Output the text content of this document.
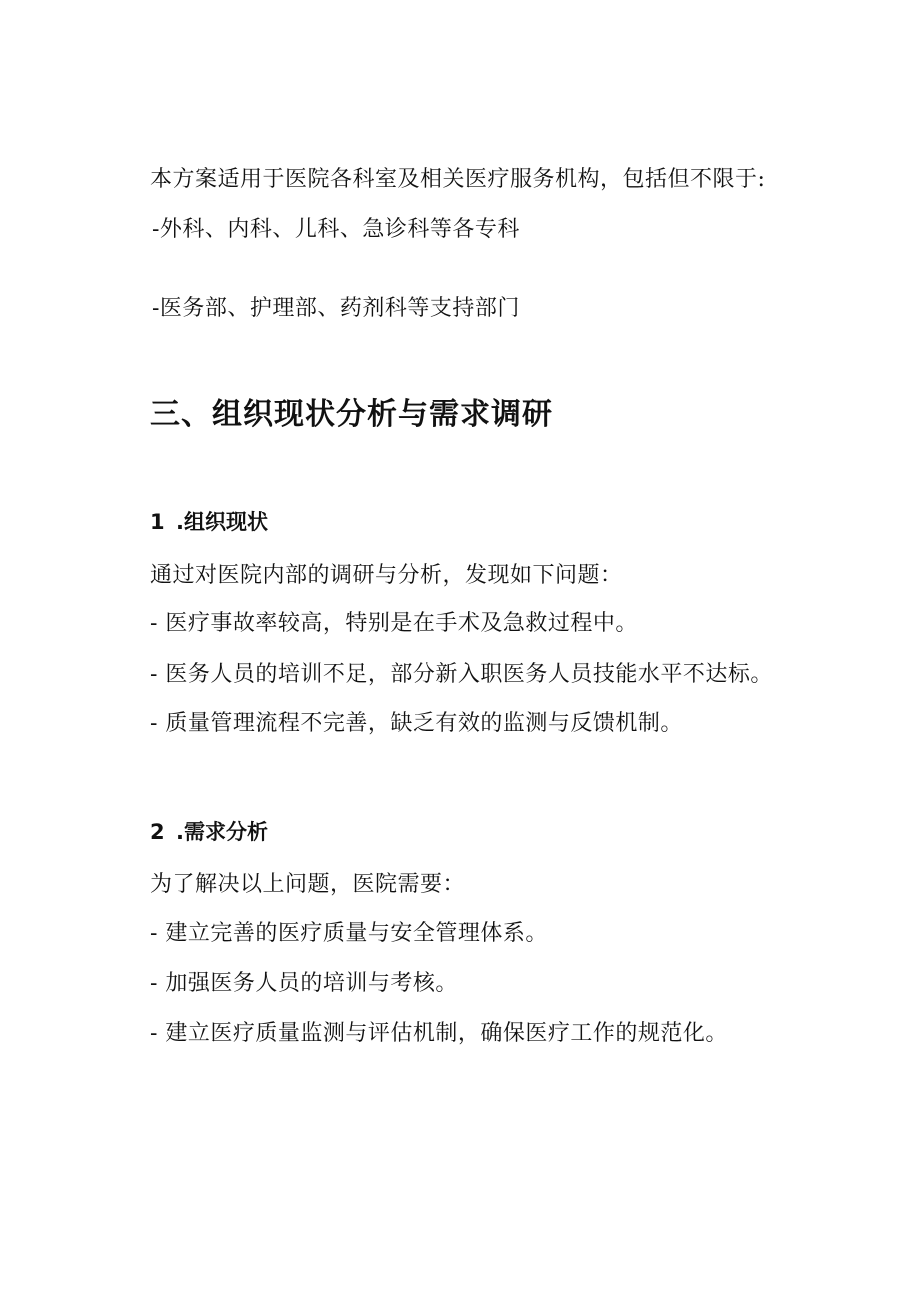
本方案适用于医院各科室及相关医疗服务机构，包括但不限于:
-外科、内科、儿科、急诊科等各专科
-医务部、护理部、药剂科等支持部门
三、组织现状分析与需求调研
1 .组织现状
通过对医院内部的调研与分析，发现如下问题：
- 医疗事故率较高，特别是在手术及急救过程中。
- 医务人员的培训不足，部分新入职医务人员技能水平不达标。
- 质量管理流程不完善，缺乏有效的监测与反馈机制。
2 .需求分析
为了解决以上问题，医院需要：
- 建立完善的医疗质量与安全管理体系。
- 加强医务人员的培训与考核。
- 建立医疗质量监测与评估机制，确保医疗工作的规范化。
